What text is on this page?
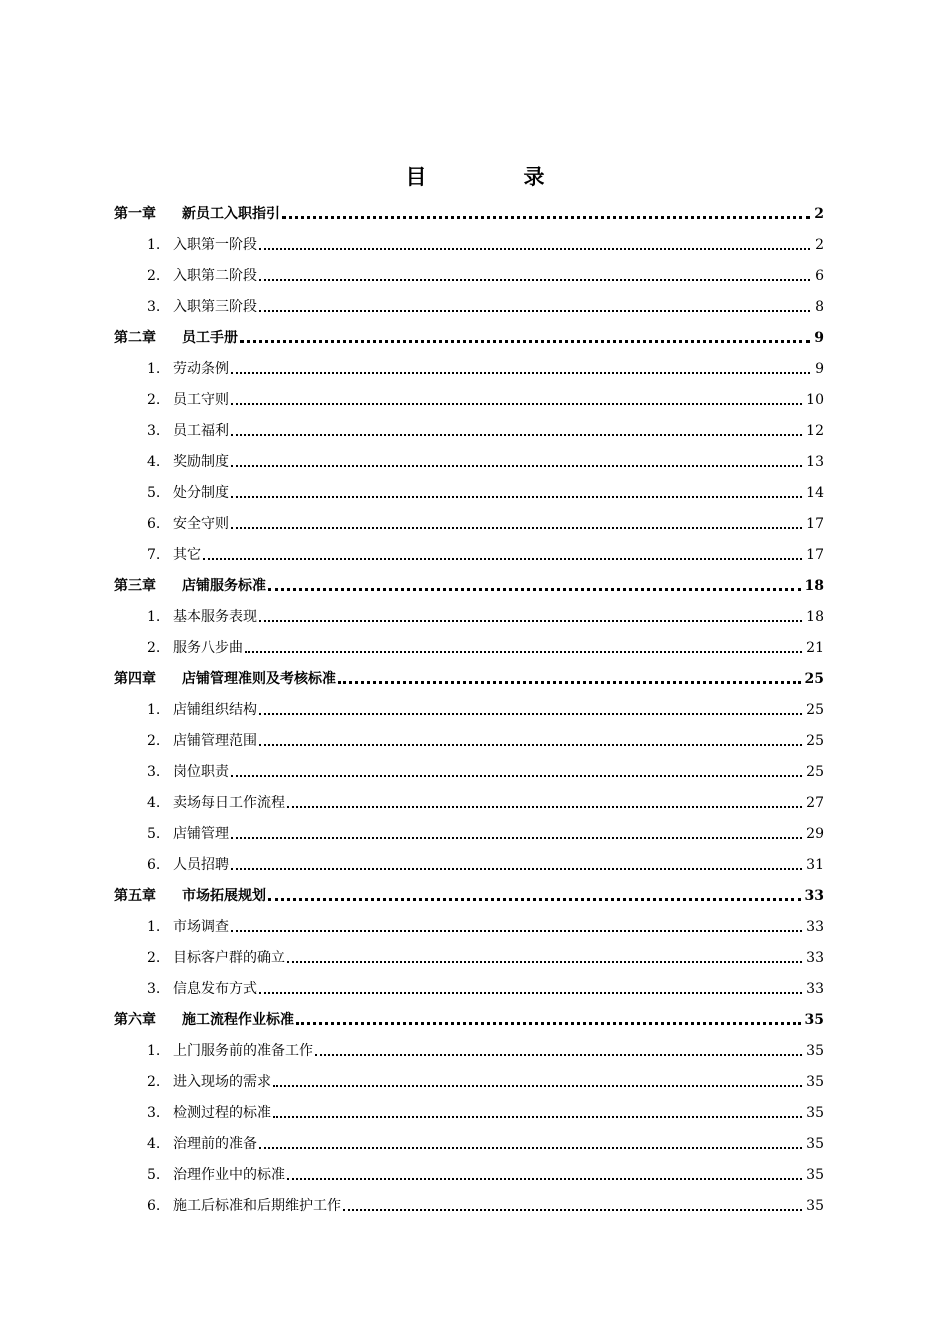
目　录
第一章	新员工入职指引	2
1. 入职第一阶段	2
2. 入职第二阶段	6
3. 入职第三阶段	8
第二章	员工手册	9
1. 劳动条例	9
2. 员工守则	10
3. 员工福利	12
4. 奖励制度	13
5. 处分制度	14
6. 安全守则	17
7. 其它	17
第三章	店铺服务标准	18
1. 基本服务表现	18
2. 服务八步曲	21
第四章	店铺管理准则及考核标准	25
1. 店铺组织结构	25
2. 店铺管理范围	25
3. 岗位职责	25
4. 卖场每日工作流程	27
5. 店铺管理	29
6. 人员招聘	31
第五章	市场拓展规划	33
1. 市场调查	33
2. 目标客户群的确立	33
3. 信息发布方式	33
第六章	施工流程作业标准	35
1. 上门服务前的准备工作	35
2. 进入现场的需求	35
3. 检测过程的标准	35
4. 治理前的准备	35
5. 治理作业中的标准	35
6. 施工后标准和后期维护工作	35
